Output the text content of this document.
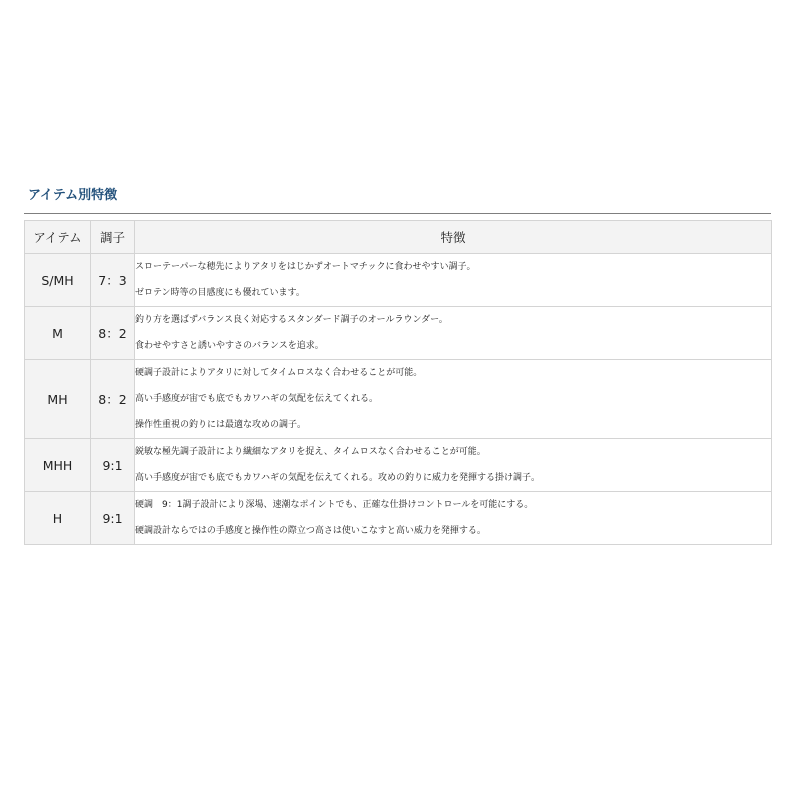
アイテム別特徴
アイテム	調子	特徴
S/MH	7：3	スローテーパーな穂先によりアタリをはじかずオートマチックに食わせやすい調子。
ゼロテン時等の目感度にも優れています。

M	8：2	釣り方を選ばずバランス良く対応するスタンダード調子のオールラウンダー。
食わせやすさと誘いやすさのバランスを追求。

MH	8：2	硬調子設計によりアタリに対してタイムロスなく合わせることが可能。
高い手感度が宙でも底でもカワハギの気配を伝えてくれる。
操作性重視の釣りには最適な攻めの調子。

MHH	9:1	鋭敏な極先調子設計により繊細なアタリを捉え、タイムロスなく合わせることが可能。
高い手感度が宙でも底でもカワハギの気配を伝えてくれる。攻めの釣りに威力を発揮する掛け調子。

H	9:1	硬調　9：1調子設計により深場、速潮なポイントでも、正確な仕掛けコントロールを可能にする。
硬調設計ならではの手感度と操作性の際立つ高さは使いこなすと高い威力を発揮する。
